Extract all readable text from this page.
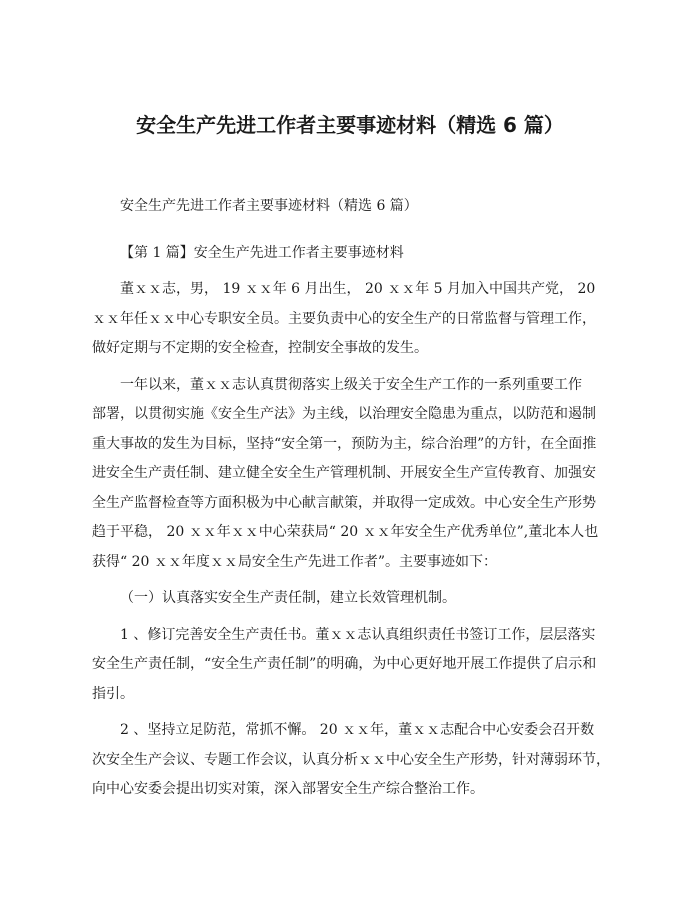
安全生产先进工作者主要事迹材料（精选 6 篇）

安全生产先进工作者主要事迹材料（精选 6 篇）

【第 1 篇】安全生产先进工作者主要事迹材料

董ｘｘ志，男， 19 ｘｘ年 6 月出生， 20 ｘｘ年 5 月加入中国共产党， 20
ｘｘ年任ｘｘ中心专职安全员。主要负责中心的安全生产的日常监督与管理工作，
做好定期与不定期的安全检查，控制安全事故的发生。

一年以来，董ｘｘ志认真贯彻落实上级关于安全生产工作的一系列重要工作
部署，以贯彻实施《安全生产法》为主线，以治理安全隐患为重点，以防范和遏制
重大事故的发生为目标，坚持“安全第一，预防为主，综合治理”的方针，在全面推
进安全生产责任制、建立健全安全生产管理机制、开展安全生产宣传教育、加强安
全生产监督检查等方面积极为中心献言献策，并取得一定成效。中心安全生产形势
趋于平稳， 20 ｘｘ年ｘｘ中心荣获局“ 20 ｘｘ年安全生产优秀单位”,董北本人也
获得“ 20 ｘｘ年度ｘｘ局安全生产先进工作者”。主要事迹如下：

（一）认真落实安全生产责任制，建立长效管理机制。

1 、修订完善安全生产责任书。董ｘｘ志认真组织责任书签订工作，层层落实
安全生产责任制，“安全生产责任制”的明确，为中心更好地开展工作提供了启示和
指引。

2 、坚持立足防范，常抓不懈。 20 ｘｘ年，董ｘｘ志配合中心安委会召开数
次安全生产会议、专题工作会议，认真分析ｘｘ中心安全生产形势，针对薄弱环节，
向中心安委会提出切实对策，深入部署安全生产综合整治工作。
